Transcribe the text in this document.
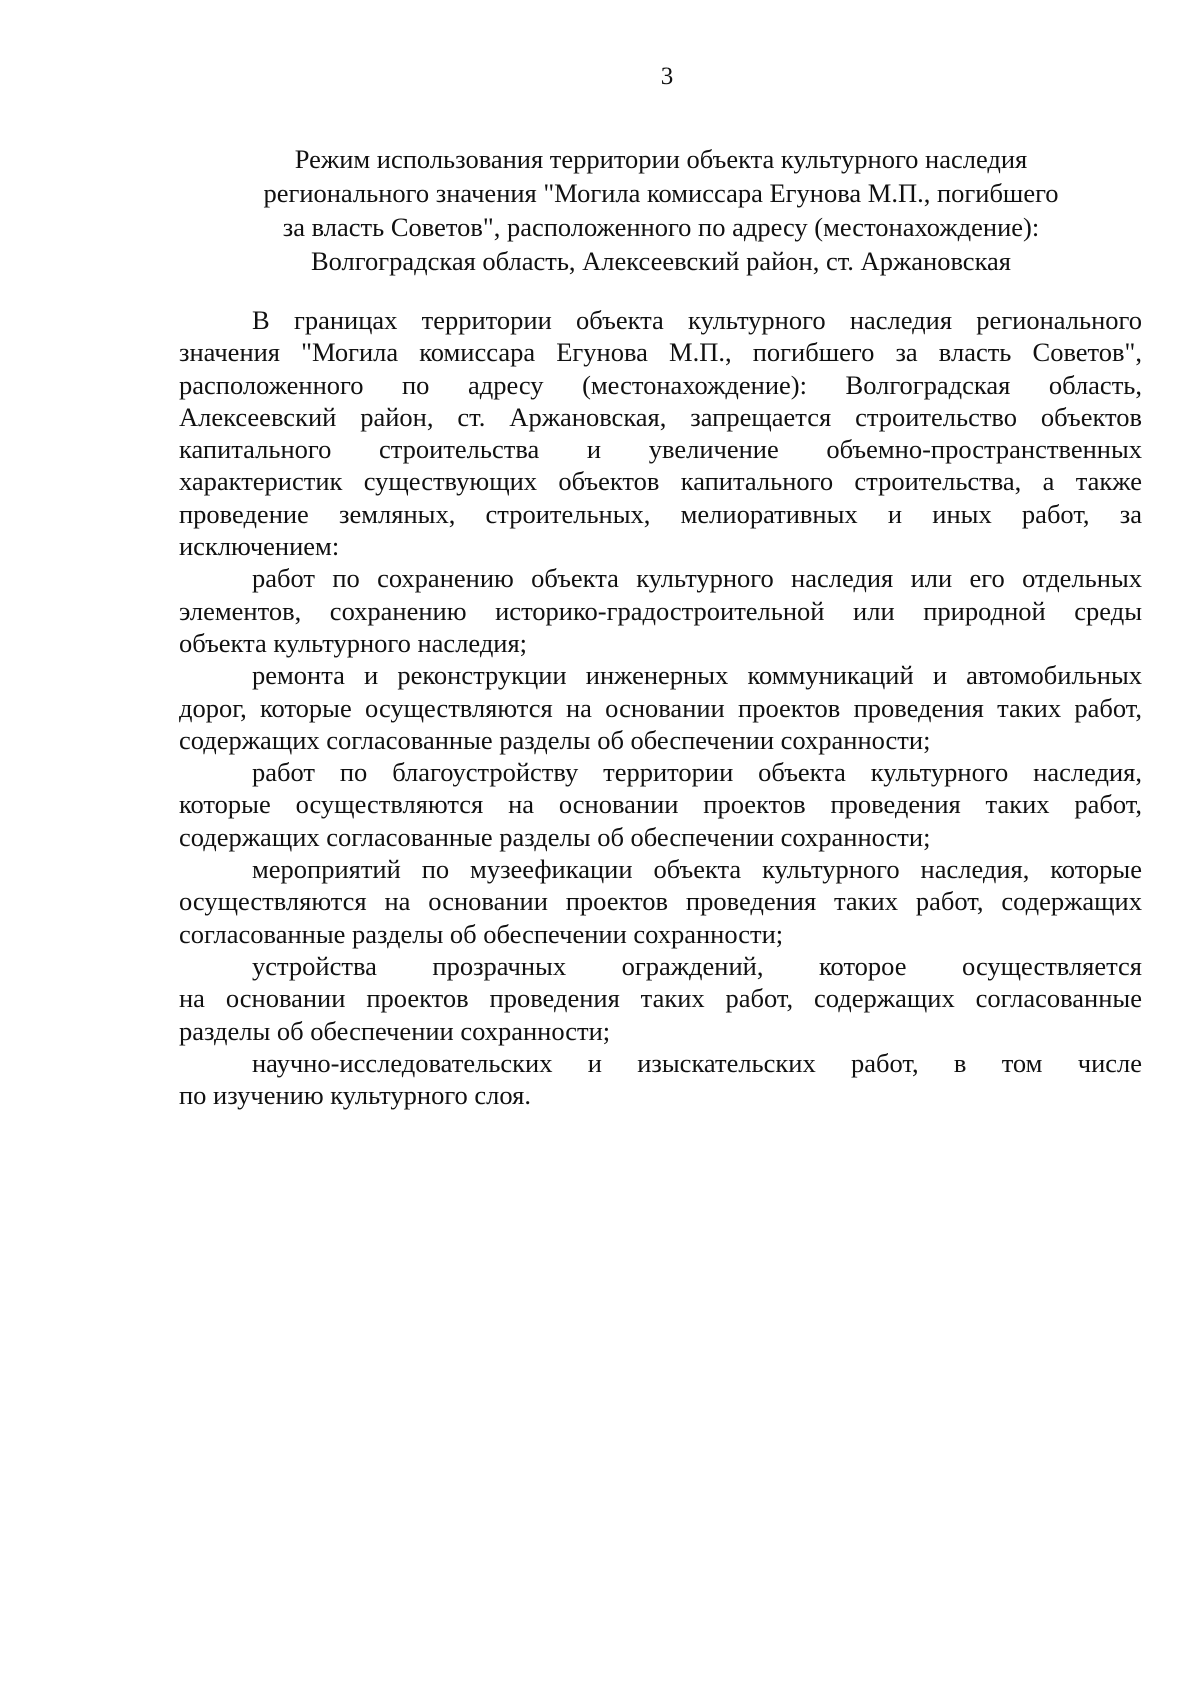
3
Режим использования территории объекта культурного наследия
регионального значения "Могила комиссара Егунова М.П., погибшего
за власть Советов", расположенного по адресу (местонахождение):
Волгоградская область, Алексеевский район, ст. Аржановская
В границах территории объекта культурного наследия регионального
значения "Могила комиссара Егунова М.П., погибшего за власть Советов",
расположенного по адресу (местонахождение): Волгоградская область,
Алексеевский район, ст. Аржановская, запрещается строительство объектов
капитального строительства и увеличение объемно-пространственных
характеристик существующих объектов капитального строительства, а также
проведение земляных, строительных, мелиоративных и иных работ, за
исключением:
работ по сохранению объекта культурного наследия или его отдельных
элементов, сохранению историко-градостроительной или природной среды
объекта культурного наследия;
ремонта и реконструкции инженерных коммуникаций и автомобильных
дорог, которые осуществляются на основании проектов проведения таких работ,
содержащих согласованные разделы об обеспечении сохранности;
работ по благоустройству территории объекта культурного наследия,
которые осуществляются на основании проектов проведения таких работ,
содержащих согласованные разделы об обеспечении сохранности;
мероприятий по музеефикации объекта культурного наследия, которые
осуществляются на основании проектов проведения таких работ, содержащих
согласованные разделы об обеспечении сохранности;
устройства прозрачных ограждений, которое осуществляется
на основании проектов проведения таких работ, содержащих согласованные
разделы об обеспечении сохранности;
научно-исследовательских и изыскательских работ, в том числе
по изучению культурного слоя.
